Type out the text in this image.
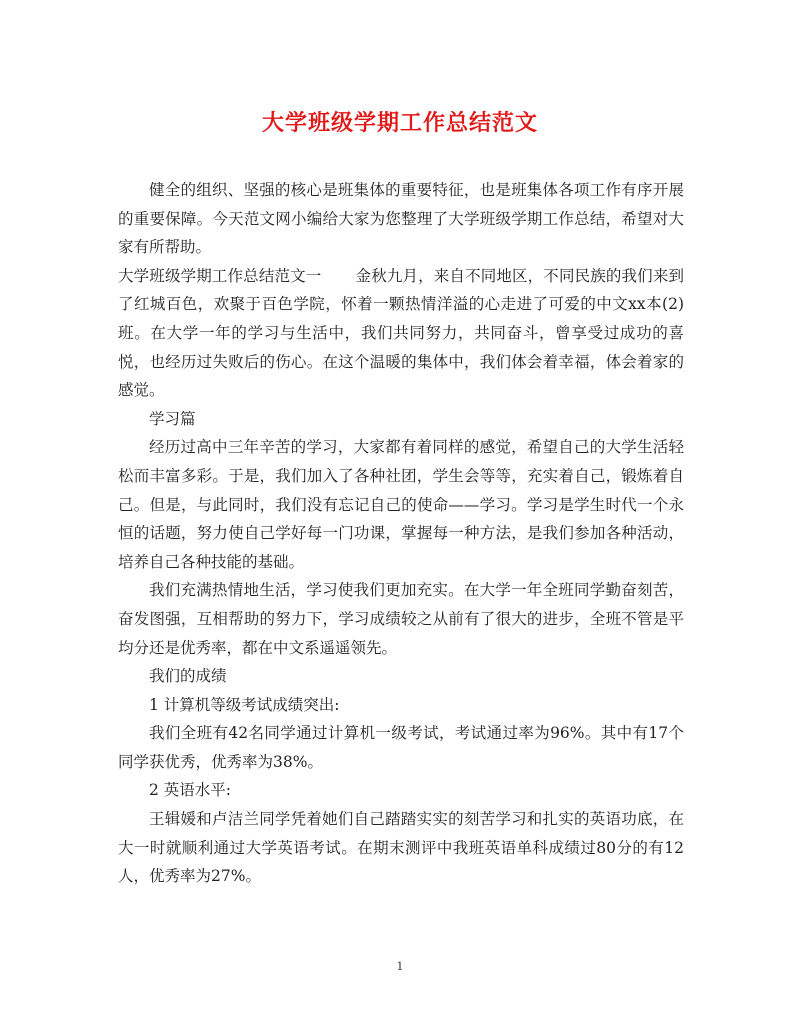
大学班级学期工作总结范文

健全的组织、坚强的核心是班集体的重要特征，也是班集体各项工作有序开展的重要保障。今天范文网小编给大家为您整理了大学班级学期工作总结，希望对大家有所帮助。

大学班级学期工作总结范文一 金秋九月，来自不同地区，不同民族的我们来到了红城百色，欢聚于百色学院，怀着一颗热情洋溢的心走进了可爱的中文xx本(2)班。在大学一年的学习与生活中，我们共同努力，共同奋斗，曾享受过成功的喜悦，也经历过失败后的伤心。在这个温暖的集体中，我们体会着幸福，体会着家的感觉。

学习篇

经历过高中三年辛苦的学习，大家都有着同样的感觉，希望自己的大学生活轻松而丰富多彩。于是，我们加入了各种社团，学生会等等，充实着自己，锻炼着自己。但是，与此同时，我们没有忘记自己的使命——学习。学习是学生时代一个永恒的话题，努力使自己学好每一门功课，掌握每一种方法，是我们参加各种活动，培养自己各种技能的基础。

我们充满热情地生活，学习使我们更加充实。在大学一年全班同学勤奋刻苦，奋发图强，互相帮助的努力下，学习成绩较之从前有了很大的进步，全班不管是平均分还是优秀率，都在中文系遥遥领先。

我们的成绩

1 计算机等级考试成绩突出:

我们全班有42名同学通过计算机一级考试，考试通过率为96%。其中有17个同学获优秀，优秀率为38%。

2 英语水平:

王辑媛和卢洁兰同学凭着她们自己踏踏实实的刻苦学习和扎实的英语功底，在大一时就顺利通过大学英语考试。在期末测评中我班英语单科成绩过80分的有12人，优秀率为27%。

1
